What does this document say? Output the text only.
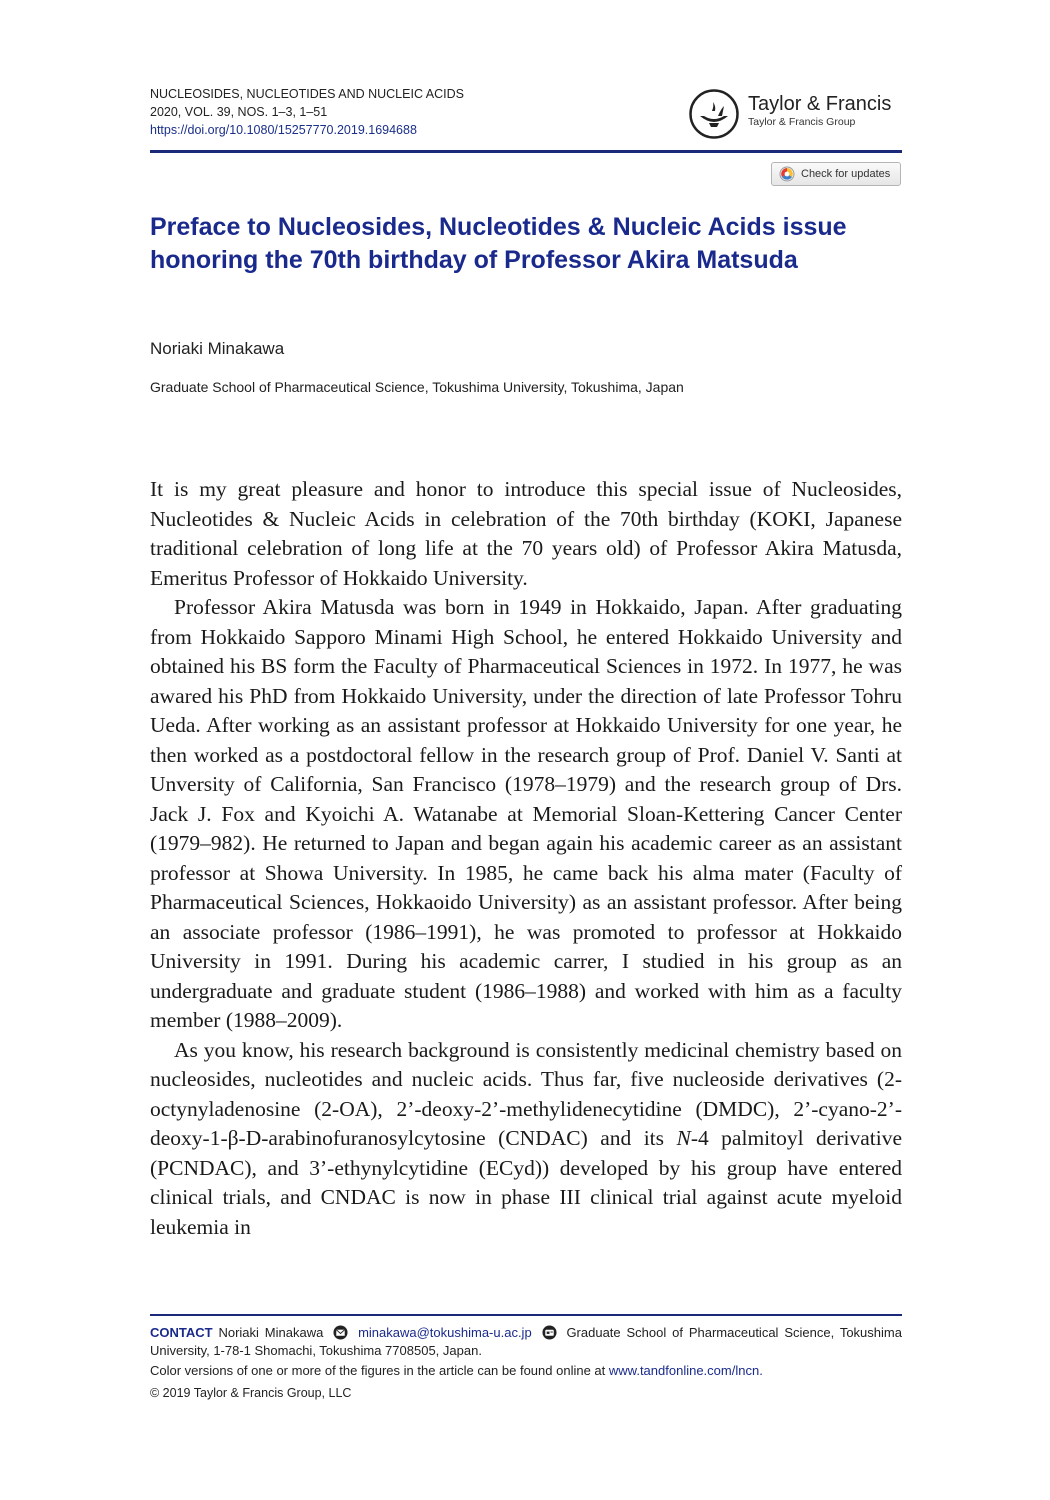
NUCLEOSIDES, NUCLEOTIDES AND NUCLEIC ACIDS
2020, VOL. 39, NOS. 1–3, 1–51
https://doi.org/10.1080/15257770.2019.1694688
Taylor & Francis
Taylor & Francis Group
Check for updates
Preface to Nucleosides, Nucleotides & Nucleic Acids issue honoring the 70th birthday of Professor Akira Matsuda
Noriaki Minakawa
Graduate School of Pharmaceutical Science, Tokushima University, Tokushima, Japan

It is my great pleasure and honor to introduce this special issue of Nucleosides, Nucleotides & Nucleic Acids in celebration of the 70th birthday (KOKI, Japanese traditional celebration of long life at the 70 years old) of Professor Akira Matusda, Emeritus Professor of Hokkaido University.

Professor Akira Matusda was born in 1949 in Hokkaido, Japan. After graduating from Hokkaido Sapporo Minami High School, he entered Hokkaido University and obtained his BS form the Faculty of Pharmaceutical Sciences in 1972. In 1977, he was awared his PhD from Hokkaido University, under the direction of late Professor Tohru Ueda. After working as an assistant professor at Hokkaido University for one year, he then worked as a postdoctoral fellow in the research group of Prof. Daniel V. Santi at Unversity of California, San Francisco (1978–1979) and the research group of Drs. Jack J. Fox and Kyoichi A. Watanabe at Memorial Sloan-Kettering Cancer Center (1979–982). He returned to Japan and began again his academic career as an assistant professor at Showa University. In 1985, he came back his alma mater (Faculty of Pharmaceutical Sciences, Hokkaoido University) as an assistant professor. After being an associate professor (1986–1991), he was promoted to professor at Hokkaido University in 1991. During his academic carrer, I studied in his group as an undergraduate and graduate student (1986–1988) and worked with him as a faculty member (1988–2009).

As you know, his research background is consistently medicinal chemistry based on nucleosides, nucleotides and nucleic acids. Thus far, five nucleoside derivatives (2-octynyladenosine (2-OA), 2’-deoxy-2’-methylidenecytidine (DMDC), 2’-cyano-2’-deoxy-1-β-D-arabinofuranosylcytosine (CNDAC) and its N-4 palmitoyl derivative (PCNDAC), and 3’-ethynylcytidine (ECyd)) developed by his group have entered clinical trials, and CNDAC is now in phase III clinical trial against acute myeloid leukemia in

CONTACT Noriaki Minakawa	minakawa@tokushima-u.ac.jp	Graduate School of Pharmaceutical Science, Tokushima University, 1-78-1 Shomachi, Tokushima 7708505, Japan.
Color versions of one or more of the figures in the article can be found online at www.tandfonline.com/lncn.
© 2019 Taylor & Francis Group, LLC
